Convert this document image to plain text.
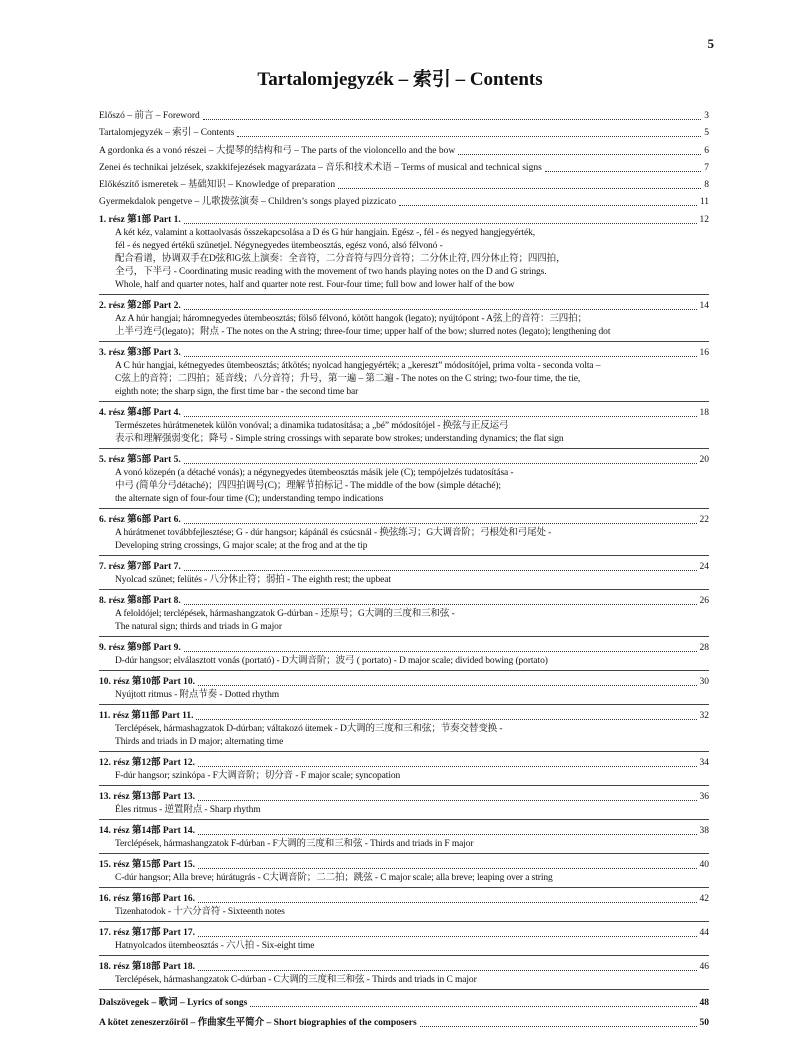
5
Tartalomjegyzék – 索引 – Contents
Előszó – 前言 – Foreword	3
Tartalomjegyzék – 索引 – Contents	5
A gordonka és a vonó részei – 大提琴的结构和弓 – The parts of the violoncello and the bow	6
Zenei és technikai jelzések, szakkifejezések magyarázata – 音乐和技术术语 – Terms of musical and technical signs	7
Előkészítő ismeretek – 基础知识 – Knowledge of preparation	8
Gyermekdalok pengetve – 儿歌拨弦演奏 – Children’s songs played pizzicato	11
1. rész 第1部 Part 1.	12
A két kéz, valamint a kottaolvasás összekapcsolása a D és G húr hangjain. Egész -, fél - és negyed hangjegyérték,
fél - és negyed értékű szünetjel. Négynegyedes ütembeosztás, egész vonó, alsó félvonó -
配合看谱，协调双手在D弦和G弦上演奏：全音符，二分音符与四分音符；二分休止符, 四分休止符；四四拍，
全弓，下半弓 - Coordinating music reading with the movement of two hands playing notes on the D and G strings.
Whole, half and quarter notes, half and quarter note rest. Four-four time; full bow and lower half of the bow
2. rész 第2部 Part 2.	14
Az A húr hangjai; háromnegyedes ütembeosztás; fölső félvonó, kötött hangok (legato); nyújtópont - A弦上的音符：三四拍；
上半弓连弓(legato)；附点 - The notes on the A string; three-four time; upper half of the bow; slurred notes (legato); lengthening dot
3. rész 第3部 Part 3.	16
A C húr hangjai, kétnegyedes ütembeosztás; átkötés; nyolcad hangjegyérték; a „kereszt” módosítójel, prima volta - seconda volta –
C弦上的音符；二四拍；延音线；八分音符；升号，第一遍 – 第二遍 - The notes on the C string; two-four time, the tie,
eighth note; the sharp sign, the first time bar - the second time bar
4. rész 第4部 Part 4.	18
Természetes húrátmenetek külön vonóval; a dinamika tudatosítása; a „bé” módosítójel - 换弦与正反运弓
表示和理解强弱变化；降号 - Simple string crossings with separate bow strokes; understanding dynamics; the flat sign
5. rész 第5部 Part 5.	20
A vonó közepén (a détaché vonás); a négynegyedes ütembeosztás másik jele (C); tempójelzés tudatosítása -
中弓 (简单分弓détaché)；四四拍调号(C)；理解节拍标记 - The middle of the bow (simple détaché);
the alternate sign of four-four time (C); understanding tempo indications
6. rész 第6部 Part 6.	22
A húrátmenet továbbfejlesztése; G - dúr hangsor; kápánál és csúcsnál - 换弦练习；G大调音阶；弓根处和弓尾处 -
Developing string crossings, G major scale; at the frog and at the tip
7. rész 第7部 Part 7.	24
Nyolcad szünet; felütés - 八分休止符；弱拍 - The eighth rest; the upbeat
8. rész 第8部 Part 8.	26
A feloldójel; tercléрések, hármashangzatok G-dúrban - 还原号；G大调的三度和三和弦 -
The natural sign; thirds and triads in G major
9. rész 第9部 Part 9.	28
D-dúr hangsor; elválasztott vonás (portató) - D大调音阶；波弓 ( portato) - D major scale; divided bowing (portato)
10. rész 第10部 Part 10.	30
Nyújtott ritmus - 附点节奏 - Dotted rhythm
11. rész 第11部 Part 11.	32
Terclépések, hármashagzatok D-dúrban; váltakozó ütemek - D大调的三度和三和弦；节奏交替变换 -
Thirds and triads in D major; alternating time
12. rész 第12部 Part 12.	34
F-dúr hangsor; szinkópa - F大调音阶；切分音 - F major scale; syncopation
13. rész 第13部 Part 13.	36
Éles ritmus - 逆置附点 - Sharp rhythm
14. rész 第14部 Part 14.	38
Terclépések, hármashangzatok F-dúrban - F大调的三度和三和弦 - Thirds and triads in F major
15. rész 第15部 Part 15.	40
C-dúr hangsor; Alla breve; húrátugrás - C大调音阶；二二拍；跳弦 - C major scale; alla breve; leaping over a string
16. rész 第16部 Part 16.	42
Tizenhatodok - 十六分音符 - Sixteenth notes
17. rész 第17部 Part 17.	44
Hatnyolcados ütembeosztás - 六八拍 - Six-eight time
18. rész 第18部 Part 18.	46
Terclépések, hármashangzatok C-dúrban - C大调的三度和三和弦 - Thirds and triads in C major
Dalszövegek – 歌词 – Lyrics of songs	48
A kötet zeneszerzőiről – 作曲家生平简介 – Short biographies of the composers	50
